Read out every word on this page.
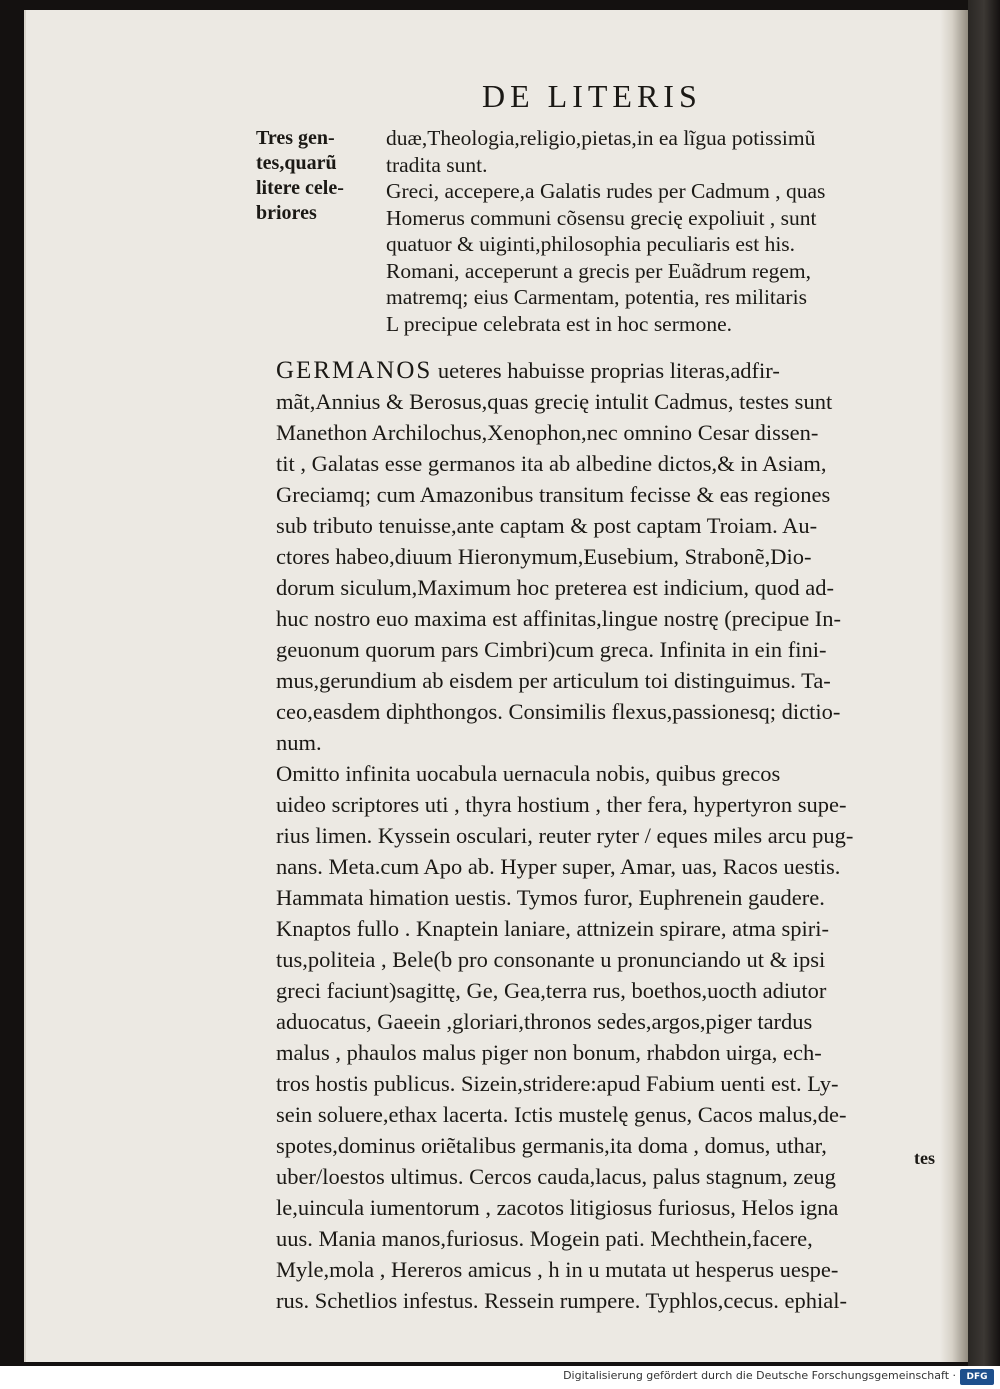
DE LITERIS
Tres gen-
tes,quarũ
litere cele-
briores
duæ,Theologia,religio,pietas,in ea lĩgua potissimũ
tradita sunt.
Greci, accepere,a Galatis rudes per Cadmum , quas
Homerus communi cõsensu grecię expoliuit , sunt
quatuor & uiginti,philosophia peculiaris est his.
Romani, acceperunt a grecis per Euãdrum regem,
matremq; eius Carmentam, potentia, res militaris
L precipue celebrata est in hoc sermone.
GERMANOS ueteres habuisse proprias literas,adfir-
mãt,Annius & Berosus,quas grecię intulit Cadmus, testes sunt
Manethon Archilochus,Xenophon,nec omnino Cesar dissen-
tit , Galatas esse germanos ita ab albedine dictos,& in Asiam,
Greciamq; cum Amazonibus transitum fecisse & eas regiones
sub tributo tenuisse,ante captam & post captam Troiam. Au-
ctores habeo,diuum Hieronymum,Eusebium, Strabonẽ,Dio-
dorum siculum,Maximum hoc preterea est indicium, quod ad-
huc nostro euo maxima est affinitas,lingue nostrę (precipue In-
geuonum quorum pars Cimbri)cum greca. Infinita in ein fini-
mus,gerundium ab eisdem per articulum toi distinguimus. Ta-
ceo,easdem diphthongos. Consimilis flexus,passionesq; dictio-
num.
Omitto infinita uocabula uernacula nobis, quibus grecos
uideo scriptores uti , thyra hostium , ther fera, hypertyron supe-
rius limen. Kyssein osculari, reuter ryter / eques miles arcu pug-
nans. Meta.cum Apo ab. Hyper super, Amar, uas, Racos uestis.
Hammata himation uestis. Tymos furor, Euphrenein gaudere.
Knaptos fullo . Knaptein laniare, attnizein spirare, atma spiri-
tus,politeia , Bele(b pro consonante u pronunciando ut & ipsi
greci faciunt)sagittę, Ge, Gea,terra rus, boethos,uocth adiutor
aduocatus, Gaeein ,gloriari,thronos sedes,argos,piger tardus
malus , phaulos malus piger non bonum, rhabdon uirga, ech-
tros hostis publicus. Sizein,stridere:apud Fabium uenti est. Ly-
sein soluere,ethax lacerta. Ictis mustelę genus, Cacos malus,de-
spotes,dominus oriẽtalibus germanis,ita doma , domus, uthar,
uber/loestos ultimus. Cercos cauda,lacus, palus stagnum, zeug
le,uincula iumentorum , zacotos litigiosus furiosus, Helos igna
uus. Mania manos,furiosus. Mogein pati. Mechthein,facere,
Myle,mola , Hereros amicus , h in u mutata ut hesperus uespe-
rus. Schetlios infestus. Ressein rumpere. Typhlos,cecus. ephial-
tes
Digitalisierung gefördert durch die Deutsche Forschungsgemeinschaft ·	DFG
